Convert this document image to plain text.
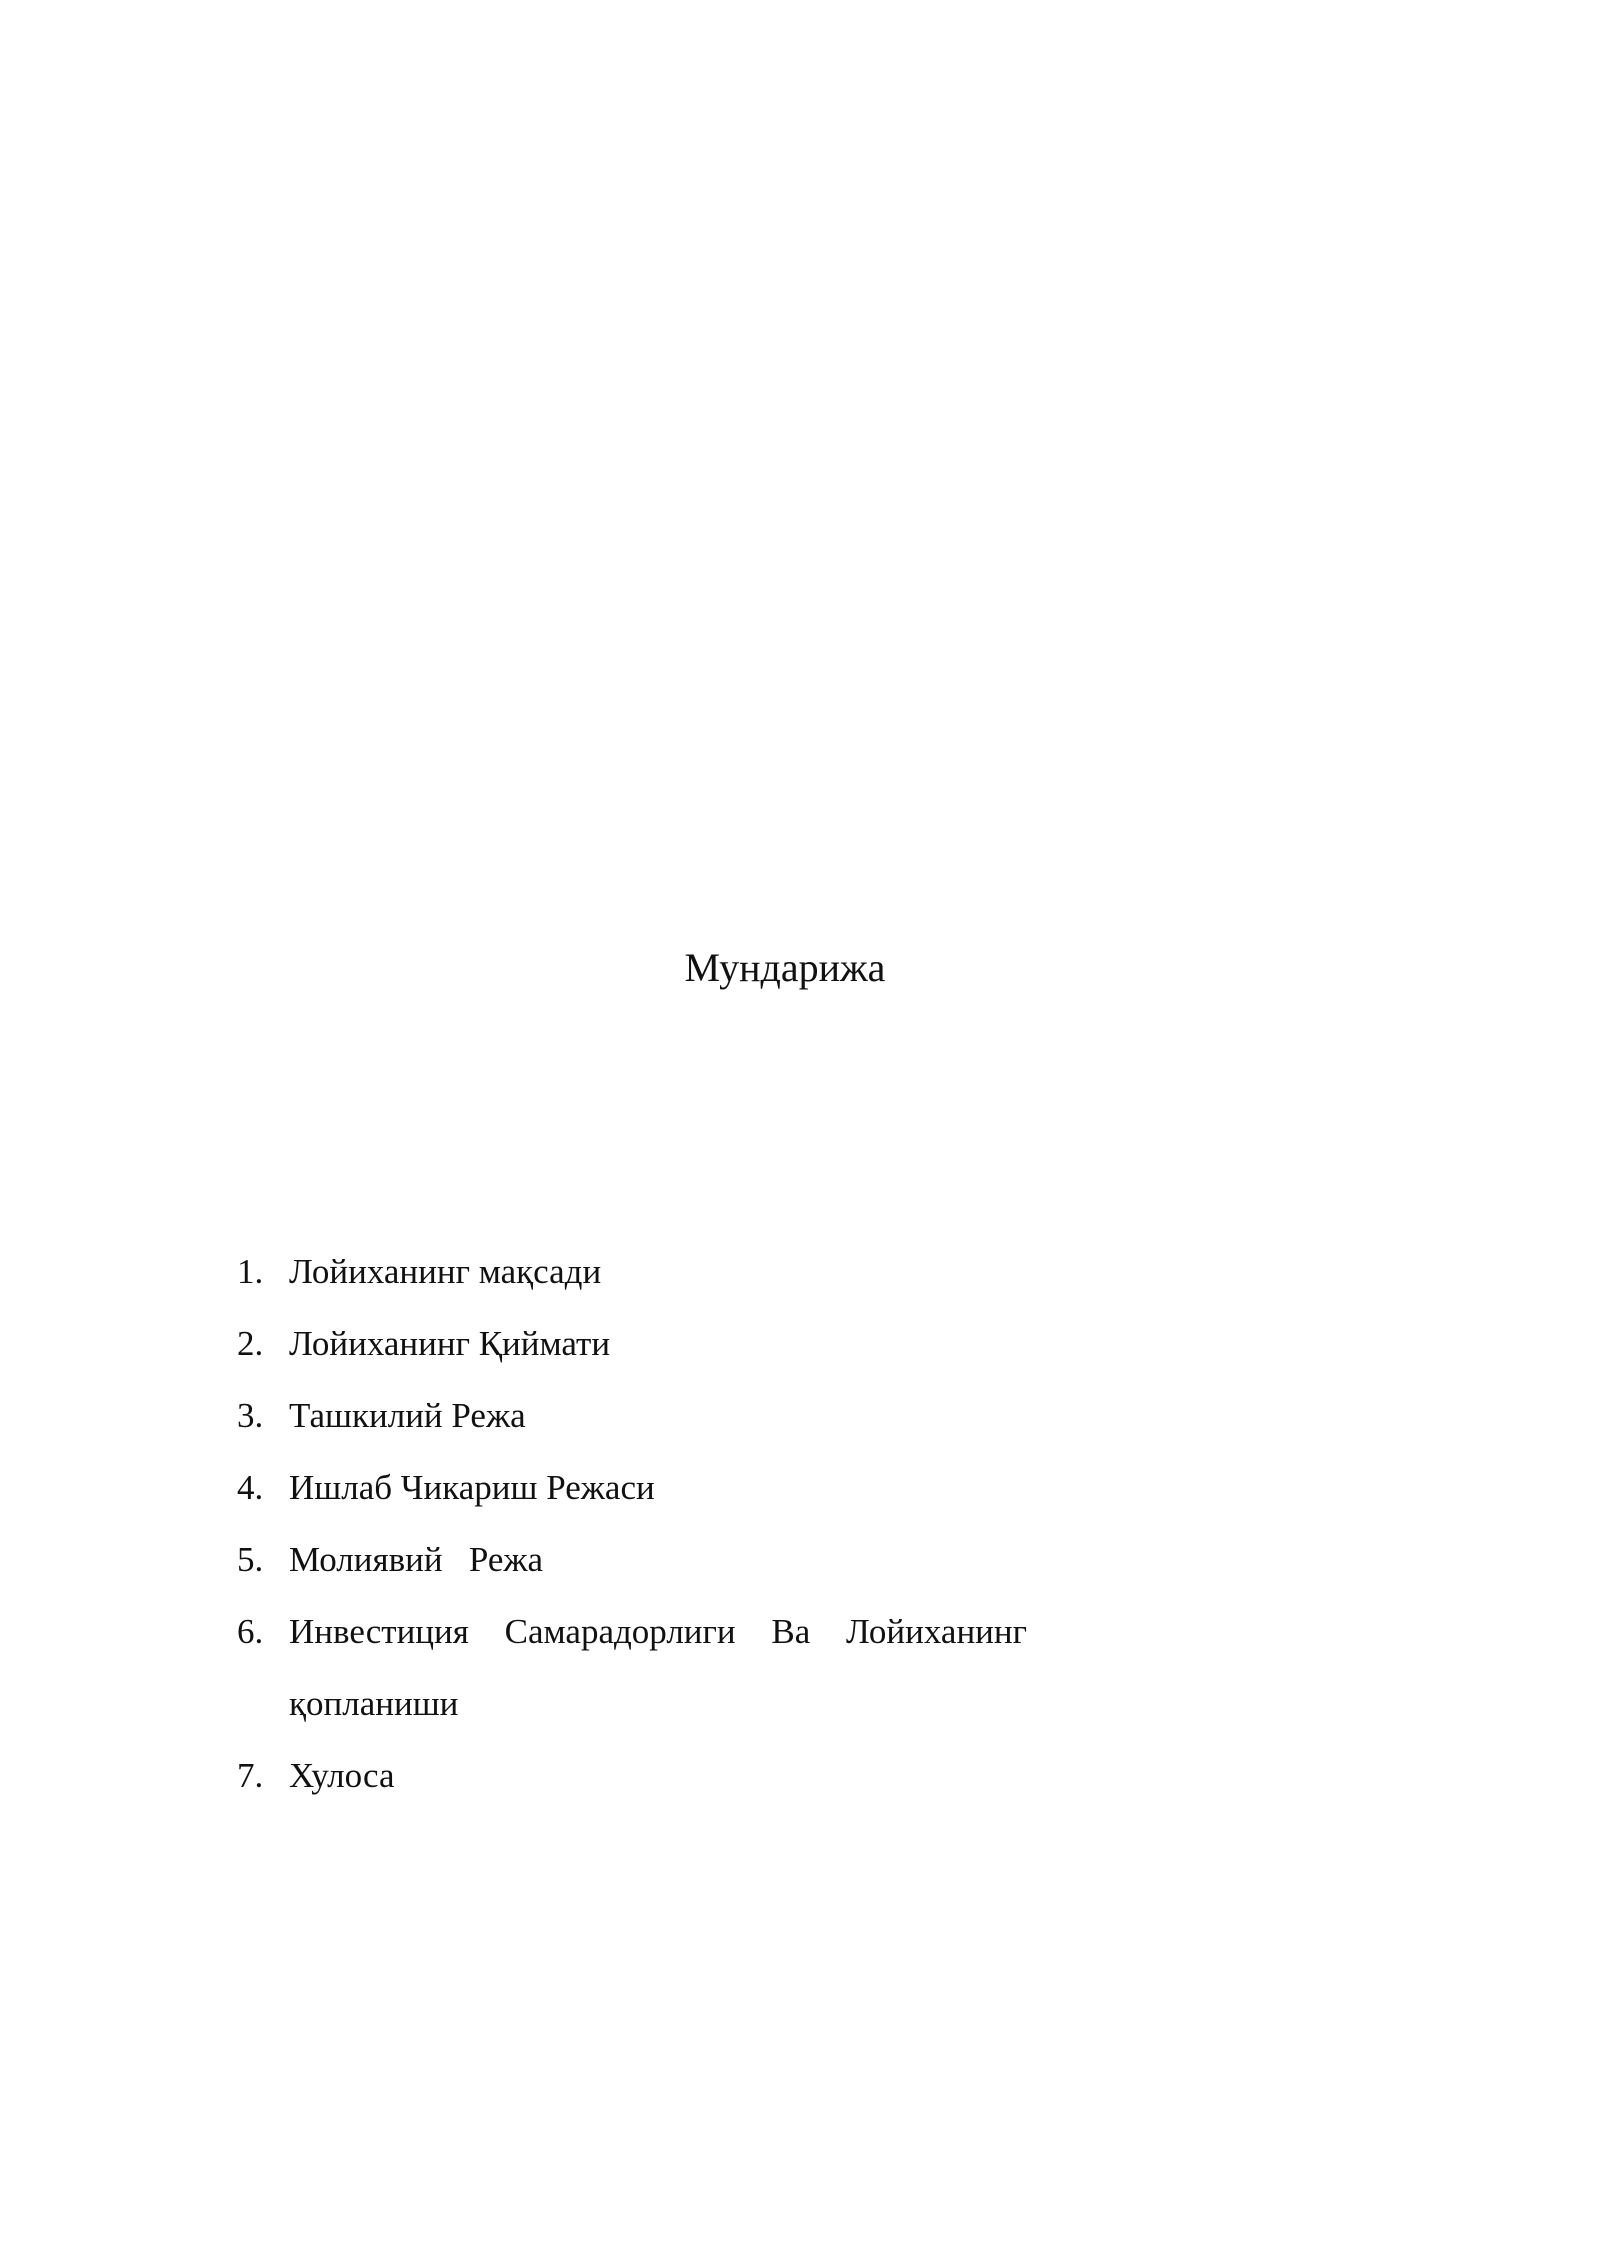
Мундарижа
1. Лойиханинг мақсади
2. Лойиханинг Қиймати
3. Ташкилий Режа
4. Ишлаб Чикариш Режаси
5. Молиявий   Режа
6. Инвестиция  Самарадорлиги  Ва  Лойиханинг қопланиши
7. Хулоса
